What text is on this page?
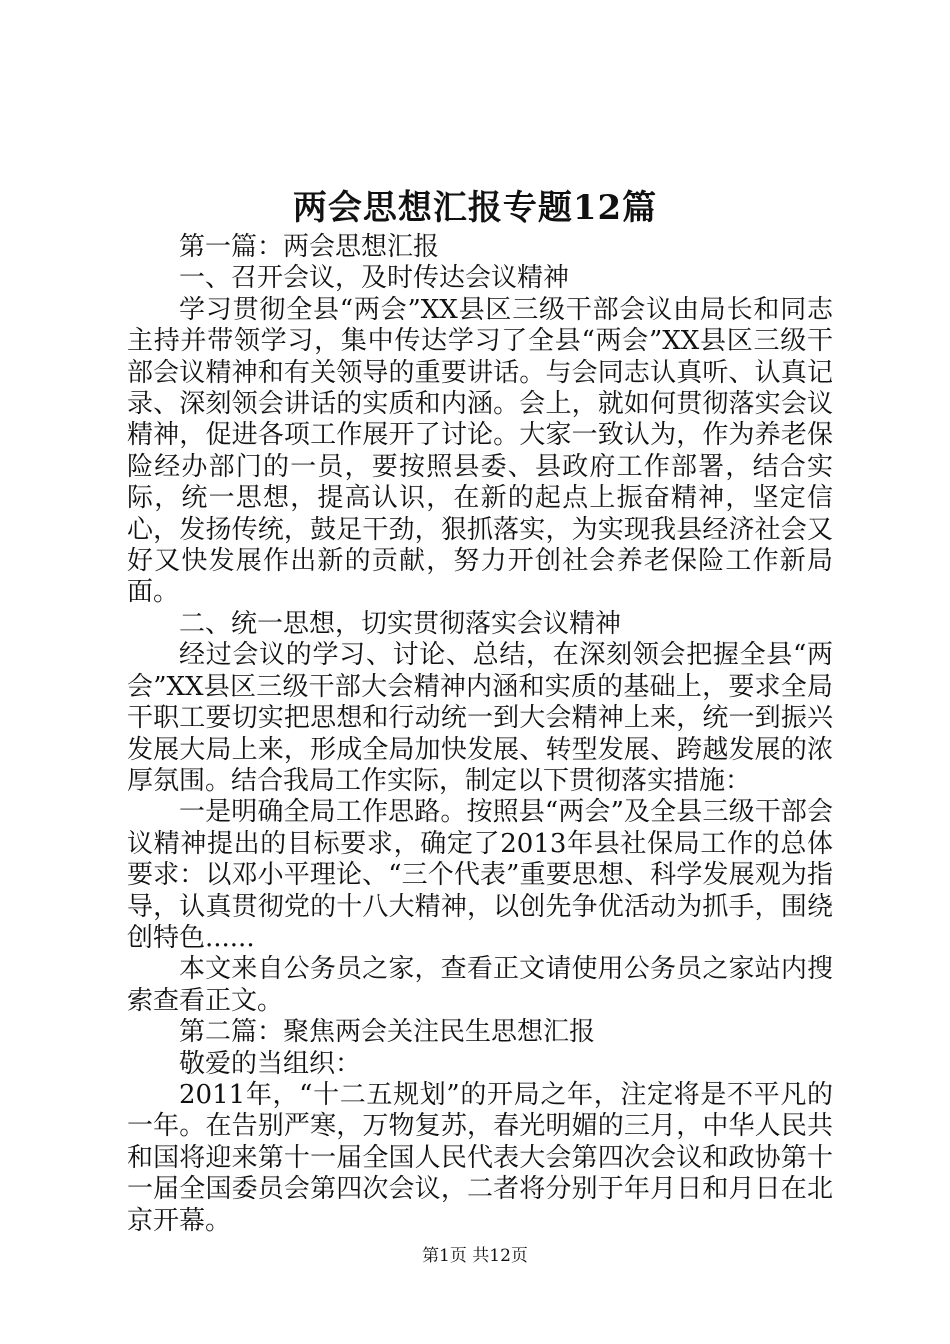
两会思想汇报专题12篇

第一篇：两会思想汇报

一、召开会议，及时传达会议精神

学习贯彻全县“两会”XX县区三级干部会议由局长和同志主持并带领学习，集中传达学习了全县“两会”XX县区三级干部会议精神和有关领导的重要讲话。与会同志认真听、认真记录、深刻领会讲话的实质和内涵。会上，就如何贯彻落实会议精神，促进各项工作展开了讨论。大家一致认为，作为养老保险经办部门的一员，要按照县委、县政府工作部署，结合实际，统一思想，提高认识，在新的起点上振奋精神，坚定信心，发扬传统，鼓足干劲，狠抓落实，为实现我县经济社会又好又快发展作出新的贡献，努力开创社会养老保险工作新局面。

二、统一思想，切实贯彻落实会议精神

经过会议的学习、讨论、总结，在深刻领会把握全县“两会”XX县区三级干部大会精神内涵和实质的基础上，要求全局干职工要切实把思想和行动统一到大会精神上来，统一到振兴发展大局上来，形成全局加快发展、转型发展、跨越发展的浓厚氛围。结合我局工作实际，制定以下贯彻落实措施：

一是明确全局工作思路。按照县“两会”及全县三级干部会议精神提出的目标要求，确定了2013年县社保局工作的总体要求：以邓小平理论、“三个代表”重要思想、科学发展观为指导，认真贯彻党的十八大精神，以创先争优活动为抓手，围绕创特色......

本文来自公务员之家，查看正文请使用公务员之家站内搜索查看正文。

第二篇：聚焦两会关注民生思想汇报

敬爱的当组织：

2011年，“十二五规划”的开局之年，注定将是不平凡的一年。在告别严寒，万物复苏，春光明媚的三月，中华人民共和国将迎来第十一届全国人民代表大会第四次会议和政协第十一届全国委员会第四次会议，二者将分别于年月日和月日在北京开幕。

第1页 共12页
